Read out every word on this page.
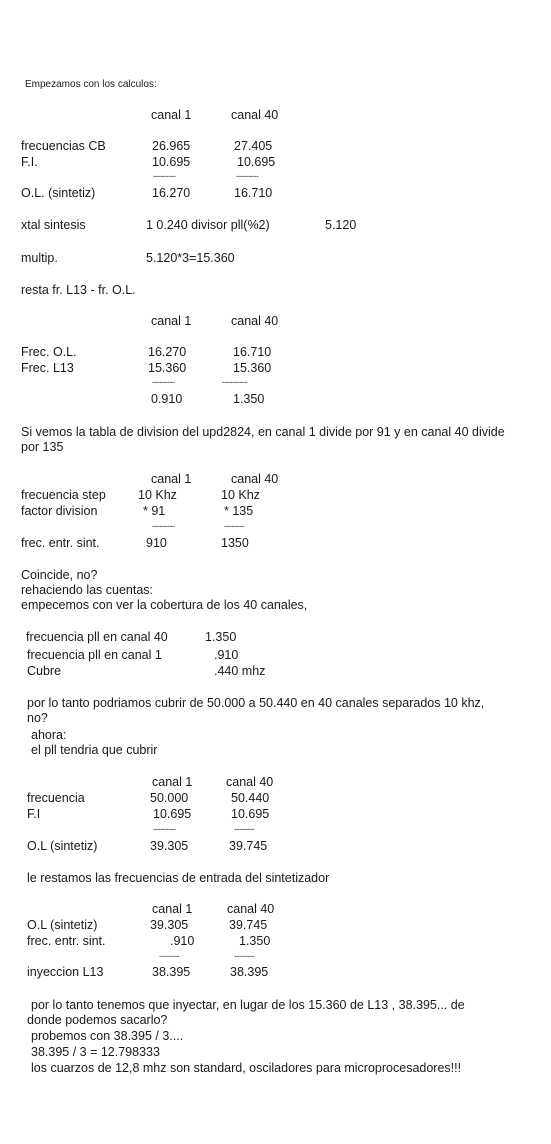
Empezamos con los calculos:
canal 1	canal 40
frecuencias CB	26.965	27.405
F.I.	10.695	10.695
---------	---------
O.L. (sintetiz)	16.270	16.710
xtal sintesis	1 0.240 divisor pll(%2)	5.120
multip.	5.120*3=15.360
resta fr. L13 - fr. O.L.
canal 1	canal 40
Frec. O.L.	16.270	16.710
Frec. L13	15.360	15.360
---------	----------
0.910	1.350
Si vemos la tabla de division del upd2824, en canal 1 divide por 91 y en canal 40 divide por 135
canal 1	canal 40
frecuencia step	10 Khz	10 Khz
factor division	* 91	* 135
---------	--------
frec. entr. sint.	910	1350
Coincide, no?
rehaciendo las cuentas:
empecemos con ver la cobertura de los 40 canales,
frecuencia pll en canal 40	1.350
frecuencia pll en canal 1	.910
Cubre	.440 mhz
por lo tanto podriamos cubrir de 50.000 a 50.440 en 40 canales separados 10 khz, no?
ahora:
el pll tendria que cubrir
canal 1	canal 40
frecuencia	50.000	50.440
F.I	10.695	10.695
---------	--------
O.L (sintetiz)	39.305	39.745
le restamos las frecuencias de entrada del sintetizador
canal 1	canal 40
O.L (sintetiz)	39.305	39.745
frec. entr. sint.	.910	1.350
--------	--------
inyeccion L13	38.395	38.395
por lo tanto tenemos que inyectar, en lugar de los 15.360 de L13 , 38.395... de
donde podemos sacarlo?
probemos con 38.395 / 3....
38.395 / 3 = 12.798333
los cuarzos de 12,8 mhz son standard, osciladores para microprocesadores!!!
